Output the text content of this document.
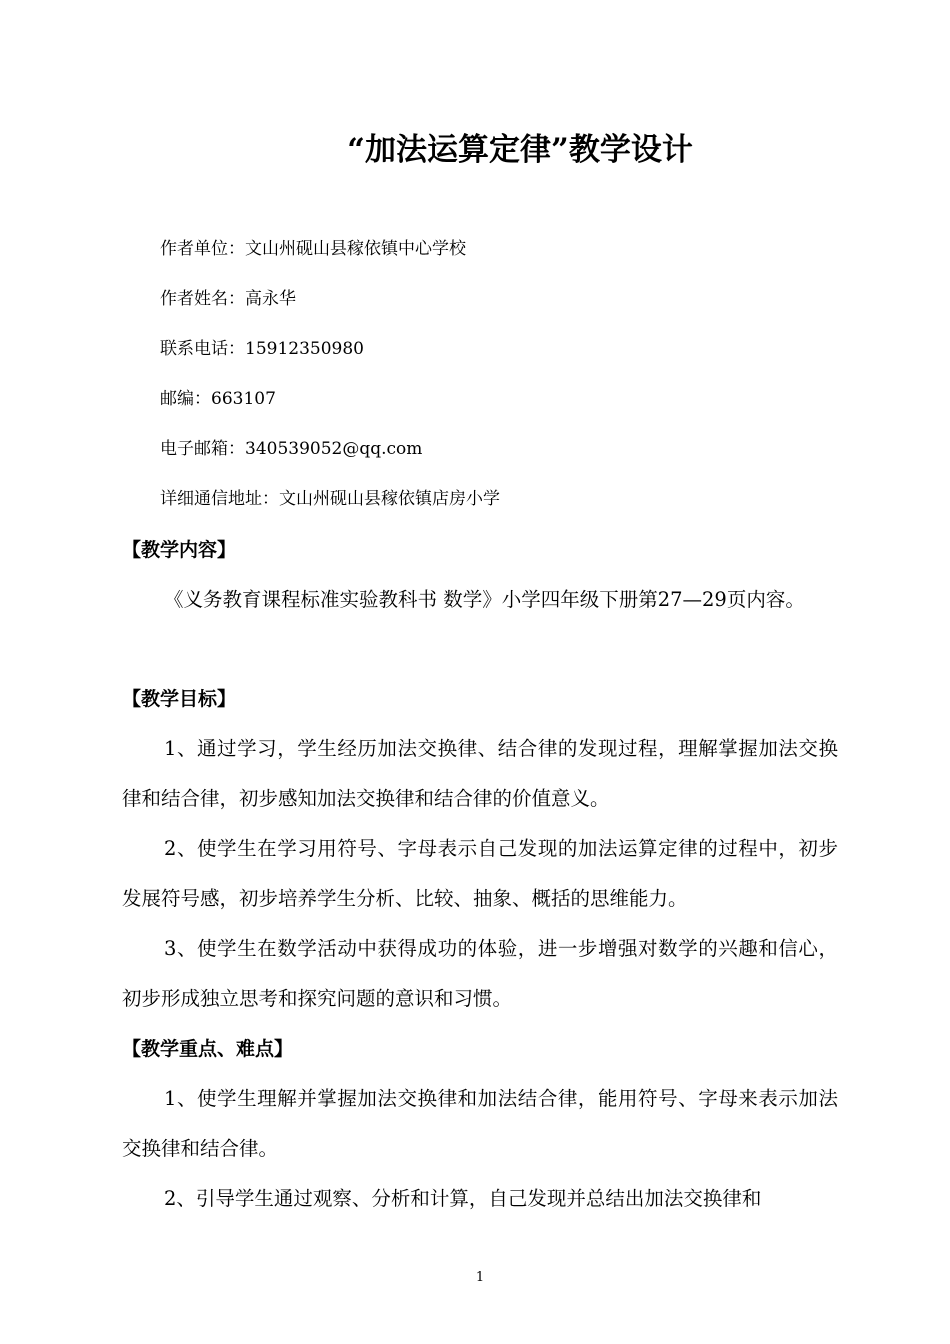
“加法运算定律”教学设计
作者单位：文山州砚山县稼依镇中心学校
作者姓名：高永华
联系电话：15912350980
邮编：663107
电子邮箱：340539052@qq.com
详细通信地址：文山州砚山县稼依镇店房小学
【教学内容】
《义务教育课程标准实验教科书 数学》小学四年级下册第27—29页内容。
【教学目标】
1、通过学习，学生经历加法交换律、结合律的发现过程，理解掌握加法交换律和结合律，初步感知加法交换律和结合律的价值意义。
2、使学生在学习用符号、字母表示自己发现的加法运算定律的过程中，初步发展符号感，初步培养学生分析、比较、抽象、概括的思维能力。
3、使学生在数学活动中获得成功的体验，进一步增强对数学的兴趣和信心，初步形成独立思考和探究问题的意识和习惯。
【教学重点、难点】
1、使学生理解并掌握加法交换律和加法结合律，能用符号、字母来表示加法交换律和结合律。
2、引导学生通过观察、分析和计算，自己发现并总结出加法交换律和
1
